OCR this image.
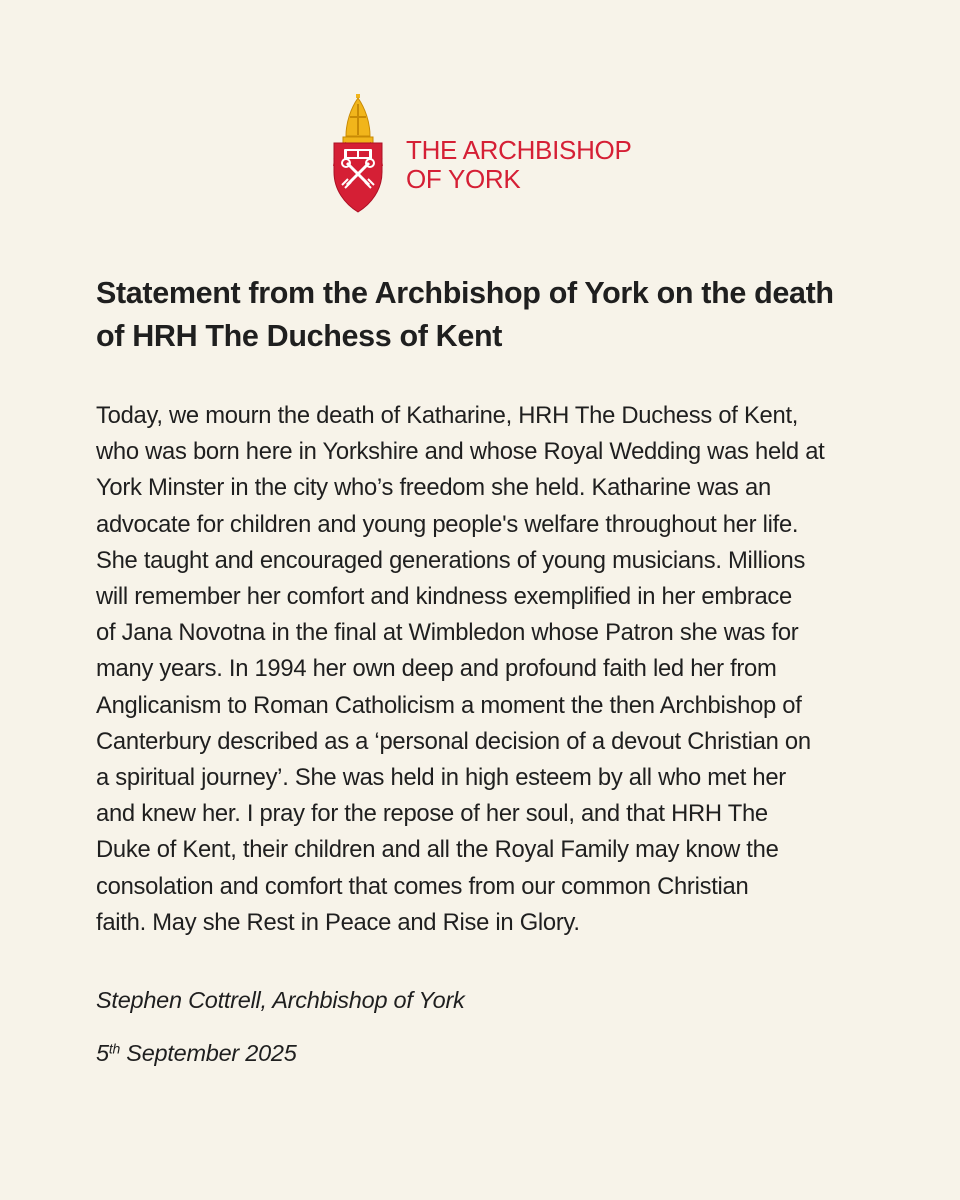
THE ARCHBISHOP
OF YORK
Statement from the Archbishop of York on the death
of HRH The Duchess of Kent
Today, we mourn the death of Katharine, HRH The Duchess of Kent,
who was born here in Yorkshire and whose Royal Wedding was held at
York Minster in the city who’s freedom she held. Katharine was an
advocate for children and young people's welfare throughout her life.
She taught and encouraged generations of young musicians. Millions
will remember her comfort and kindness exemplified in her embrace
of Jana Novotna in the final at Wimbledon whose Patron she was for
many years. In 1994 her own deep and profound faith led her from
Anglicanism to Roman Catholicism a moment the then Archbishop of
Canterbury described as a ‘personal decision of a devout Christian on
a spiritual journey’. She was held in high esteem by all who met her
and knew her. I pray for the repose of her soul, and that HRH The
Duke of Kent, their children and all the Royal Family may know the
consolation and comfort that comes from our common Christian
faith. May she Rest in Peace and Rise in Glory.

Stephen Cottrell, Archbishop of York

5th September 2025
